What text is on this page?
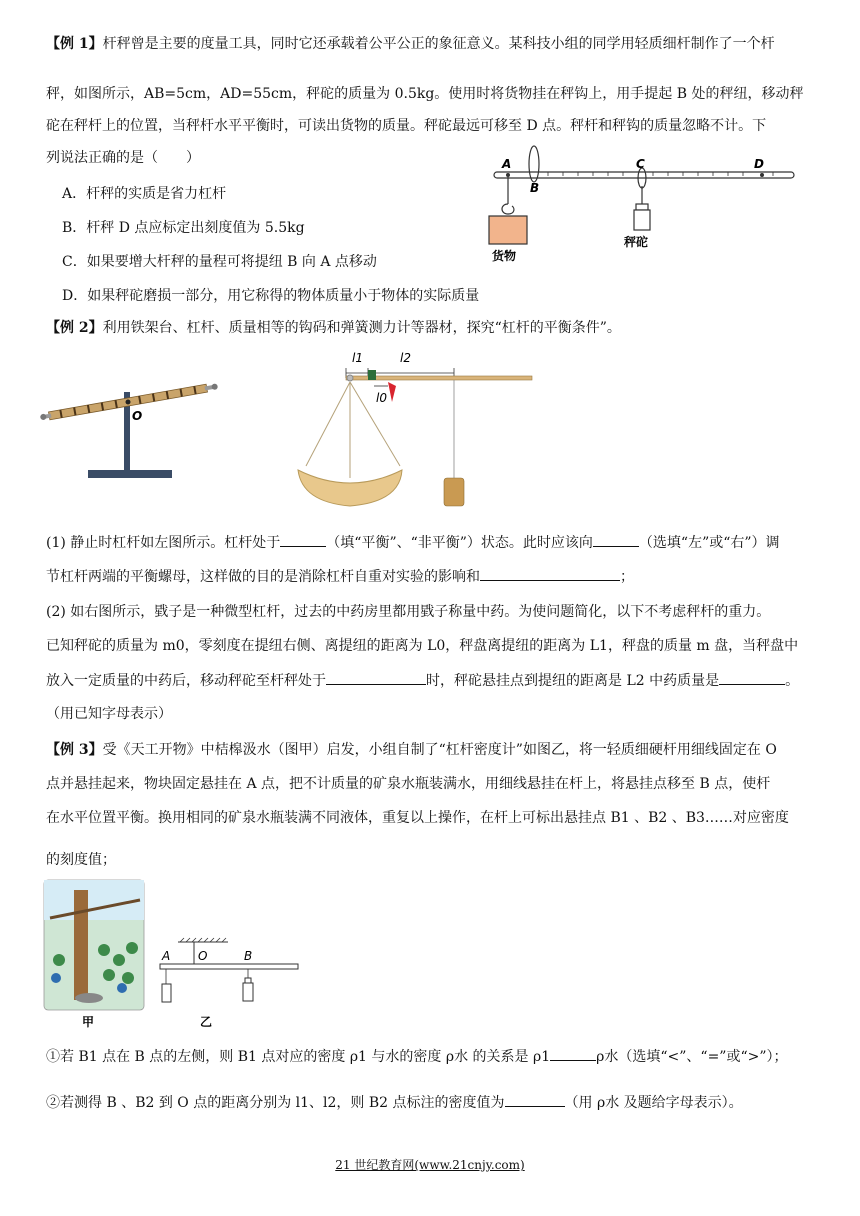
【例 1】杆秤曾是主要的度量工具，同时它还承载着公平公正的象征意义。某科技小组的同学用轻质细杆制作了一个杆
秤，如图所示，AB=5cm，AD=55cm，秤砣的质量为 0.5kg。使用时将货物挂在秤钩上，用手提起 B 处的秤纽，移动秤
砣在秤杆上的位置，当秤杆水平平衡时，可读出货物的质量。秤砣最远可移至 D 点。秤杆和秤钩的质量忽略不计。下
列说法正确的是（　　）
A．杆秤的实质是省力杠杆
B．杆秤 D 点应标定出刻度值为 5.5kg
C．如果要增大杆秤的量程可将提纽 B 向 A 点移动
D．如果秤砣磨损一部分，用它称得的物体质量小于物体的实际质量
A
B
C	D
货物
秤砣
【例 2】利用铁架台、杠杆、质量相等的钩码和弹簧测力计等器材，探究“杠杆的平衡条件”。
O
l1	l2
l0
(1) 静止时杠杆如左图所示。杠杆处于	（填“平衡”、“非平衡”）状态。此时应该向	（选填“左”或“右”）调
节杠杆两端的平衡螺母，这样做的目的是消除杠杆自重对实验的影响和	；
(2) 如右图所示，戥子是一种微型杠杆，过去的中药房里都用戥子称量中药。为使问题简化，以下不考虑秤杆的重力。
已知秤砣的质量为 m0，零刻度在提纽右侧、离提纽的距离为 L0，秤盘离提纽的距离为 L1，秤盘的质量 m 盘，当秤盘中
放入一定质量的中药后，移动秤砣至杆秤处于	时，秤砣悬挂点到提纽的距离是 L2 中药质量是	。
（用已知字母表示）
【例 3】受《天工开物》中桔槔汲水（图甲）启发，小组自制了“杠杆密度计”如图乙，将一轻质细硬杆用细线固定在 O
点并悬挂起来，物块固定悬挂在 A 点，把不计质量的矿泉水瓶装满水，用细线悬挂在杆上，将悬挂点移至 B 点，使杆
在水平位置平衡。换用相同的矿泉水瓶装满不同液体，重复以上操作，在杆上可标出悬挂点 B1 、B2 、B3……对应密度
的刻度值；
甲
A O	B
乙
①若 B1 点在 B 点的左侧，则 B1 点对应的密度 ρ1 与水的密度 ρ水 的关系是 ρ1	ρ水（选填“<”、“=”或“>”）；
②若测得 B 、B2 到 O 点的距离分别为 l1、l2，则 B2 点标注的密度值为	（用 ρ水 及题给字母表示）。
21 世纪教育网(www.21cnjy.com)
